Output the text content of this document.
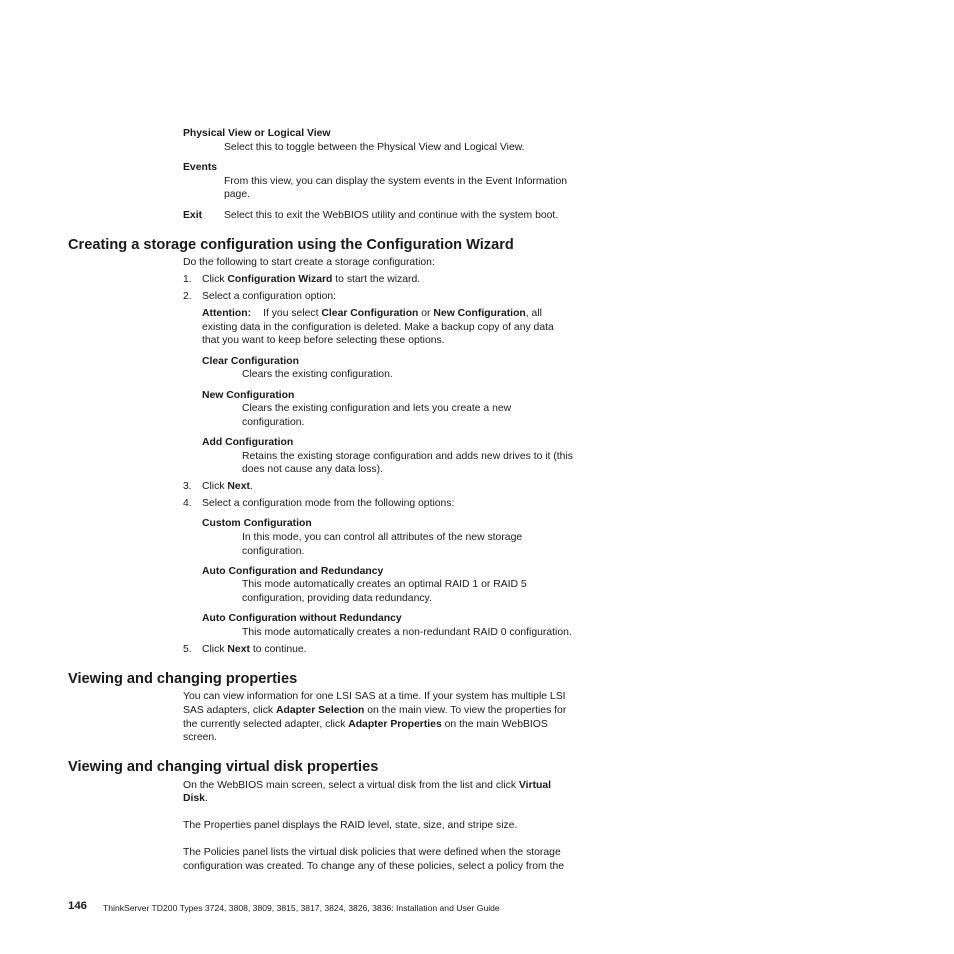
Physical View or Logical View
Select this to toggle between the Physical View and Logical View.
Events
From this view, you can display the system events in the Event Information
page.
Exit Select this to exit the WebBIOS utility and continue with the system boot.
Creating a storage configuration using the Configuration Wizard
Do the following to start create a storage configuration:
1. Click Configuration Wizard to start the wizard.
2. Select a configuration option:
Attention: If you select Clear Configuration or New Configuration, all
existing data in the configuration is deleted. Make a backup copy of any data
that you want to keep before selecting these options.
Clear Configuration
Clears the existing configuration.
New Configuration
Clears the existing configuration and lets you create a new
configuration.
Add Configuration
Retains the existing storage configuration and adds new drives to it (this
does not cause any data loss).
3. Click Next.
4. Select a configuration mode from the following options:
Custom Configuration
In this mode, you can control all attributes of the new storage
configuration.
Auto Configuration and Redundancy
This mode automatically creates an optimal RAID 1 or RAID 5
configuration, providing data redundancy.
Auto Configuration without Redundancy
This mode automatically creates a non-redundant RAID 0 configuration.
5. Click Next to continue.
Viewing and changing properties
You can view information for one LSI SAS at a time. If your system has multiple LSI
SAS adapters, click Adapter Selection on the main view. To view the properties for
the currently selected adapter, click Adapter Properties on the main WebBIOS
screen.
Viewing and changing virtual disk properties
On the WebBIOS main screen, select a virtual disk from the list and click Virtual
Disk.
The Properties panel displays the RAID level, state, size, and stripe size.
The Policies panel lists the virtual disk policies that were defined when the storage
configuration was created. To change any of these policies, select a policy from the
146 ThinkServer TD200 Types 3724, 3808, 3809, 3815, 3817, 3824, 3826, 3836: Installation and User Guide
